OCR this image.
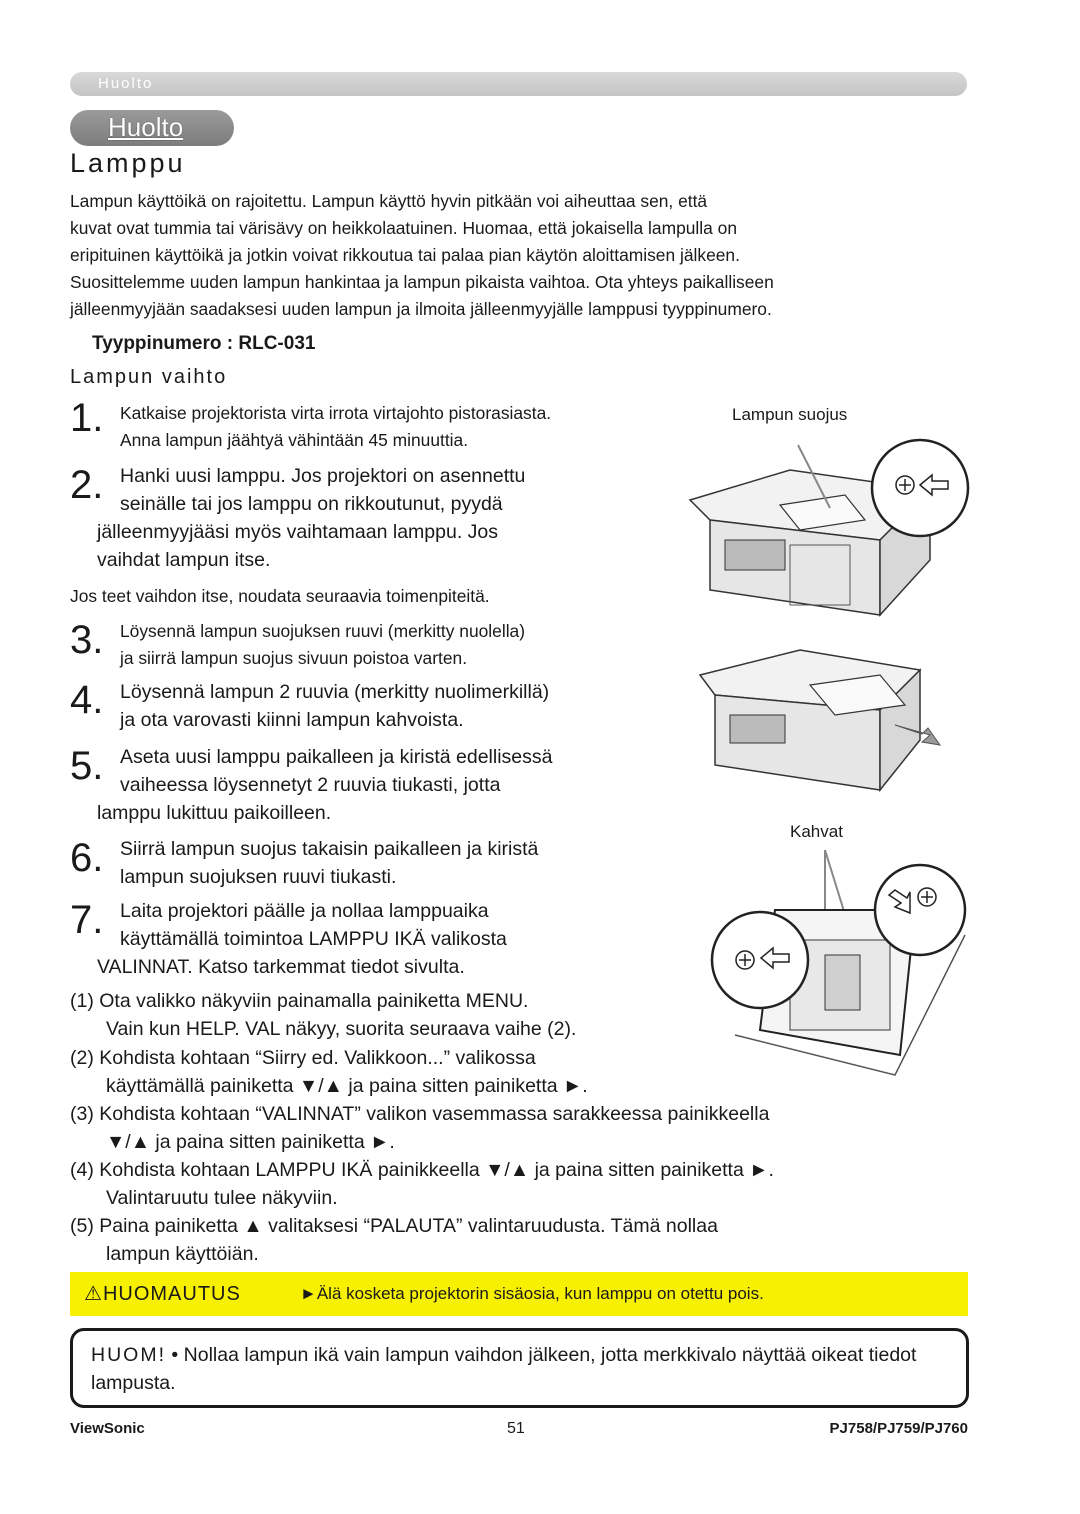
Huolto
Huolto
Lamppu
Lampun käyttöikä on rajoitettu. Lampun käyttö hyvin pitkään voi aiheuttaa sen, että
kuvat ovat tummia tai värisävy on heikkolaatuinen. Huomaa, että jokaisella lampulla on
eripituinen käyttöikä ja jotkin voivat rikkoutua tai palaa pian käytön aloittamisen jälkeen.
Suosittelemme uuden lampun hankintaa ja lampun pikaista vaihtoa. Ota yhteys paikalliseen
jälleenmyyjään saadaksesi uuden lampun ja ilmoita jälleenmyyjälle lamppusi tyyppinumero.
Tyyppinumero : RLC-031
Lampun vaihto
1. Katkaise projektorista virta irrota virtajohto pistorasiasta.
Anna lampun jäähtyä vähintään 45 minuuttia.
2. Hanki uusi lamppu. Jos projektori on asennettu
seinälle tai jos lamppu on rikkoutunut, pyydä
jälleenmyyjääsi myös vaihtamaan lamppu. Jos
vaihdat lampun itse.
Jos teet vaihdon itse, noudata seuraavia toimenpiteitä.
3. Löysennä lampun suojuksen ruuvi (merkitty nuolella)
ja siirrä lampun suojus sivuun poistoa varten.
4. Löysennä lampun 2 ruuvia (merkitty nuolimerkillä)
ja ota varovasti kiinni lampun kahvoista.
5. Aseta uusi lamppu paikalleen ja kiristä edellisessä
vaiheessa löysennetyt 2 ruuvia tiukasti, jotta
lamppu lukittuu paikoilleen.
6. Siirrä lampun suojus takaisin paikalleen ja kiristä
lampun suojuksen ruuvi tiukasti.
7. Laita projektori päälle ja nollaa lamppuaika
käyttämällä toimintoa LAMPPU IKÄ valikosta
VALINNAT. Katso tarkemmat tiedot sivulta.
(1) Ota valikko näkyviin painamalla painiketta MENU.
Vain kun HELP. VAL näkyy, suorita seuraava vaihe (2).
(2) Kohdista kohtaan “Siirry ed. Valikkoon...” valikossa
käyttämällä painiketta ▼/▲ ja paina sitten painiketta ►.
(3) Kohdista kohtaan “VALINNAT” valikon vasemmassa sarakkeessa painikkeella
▼/▲ ja paina sitten painiketta ►.
(4) Kohdista kohtaan LAMPPU IKÄ painikkeella ▼/▲ ja paina sitten painiketta ►.
Valintaruutu tulee näkyviin.
(5) Paina painiketta ▲ valitaksesi “PALAUTA” valintaruudusta. Tämä nollaa
lampun käyttöiän.
Lampun suojus
Kahvat
⚠HUOMAUTUS	►Älä kosketa projektorin sisäosia, kun lamppu on otettu pois.
HUOM! • Nollaa lampun ikä vain lampun vaihdon jälkeen, jotta merkkivalo näyttää oikeat tiedot lampusta.
ViewSonic	51	PJ758/PJ759/PJ760
